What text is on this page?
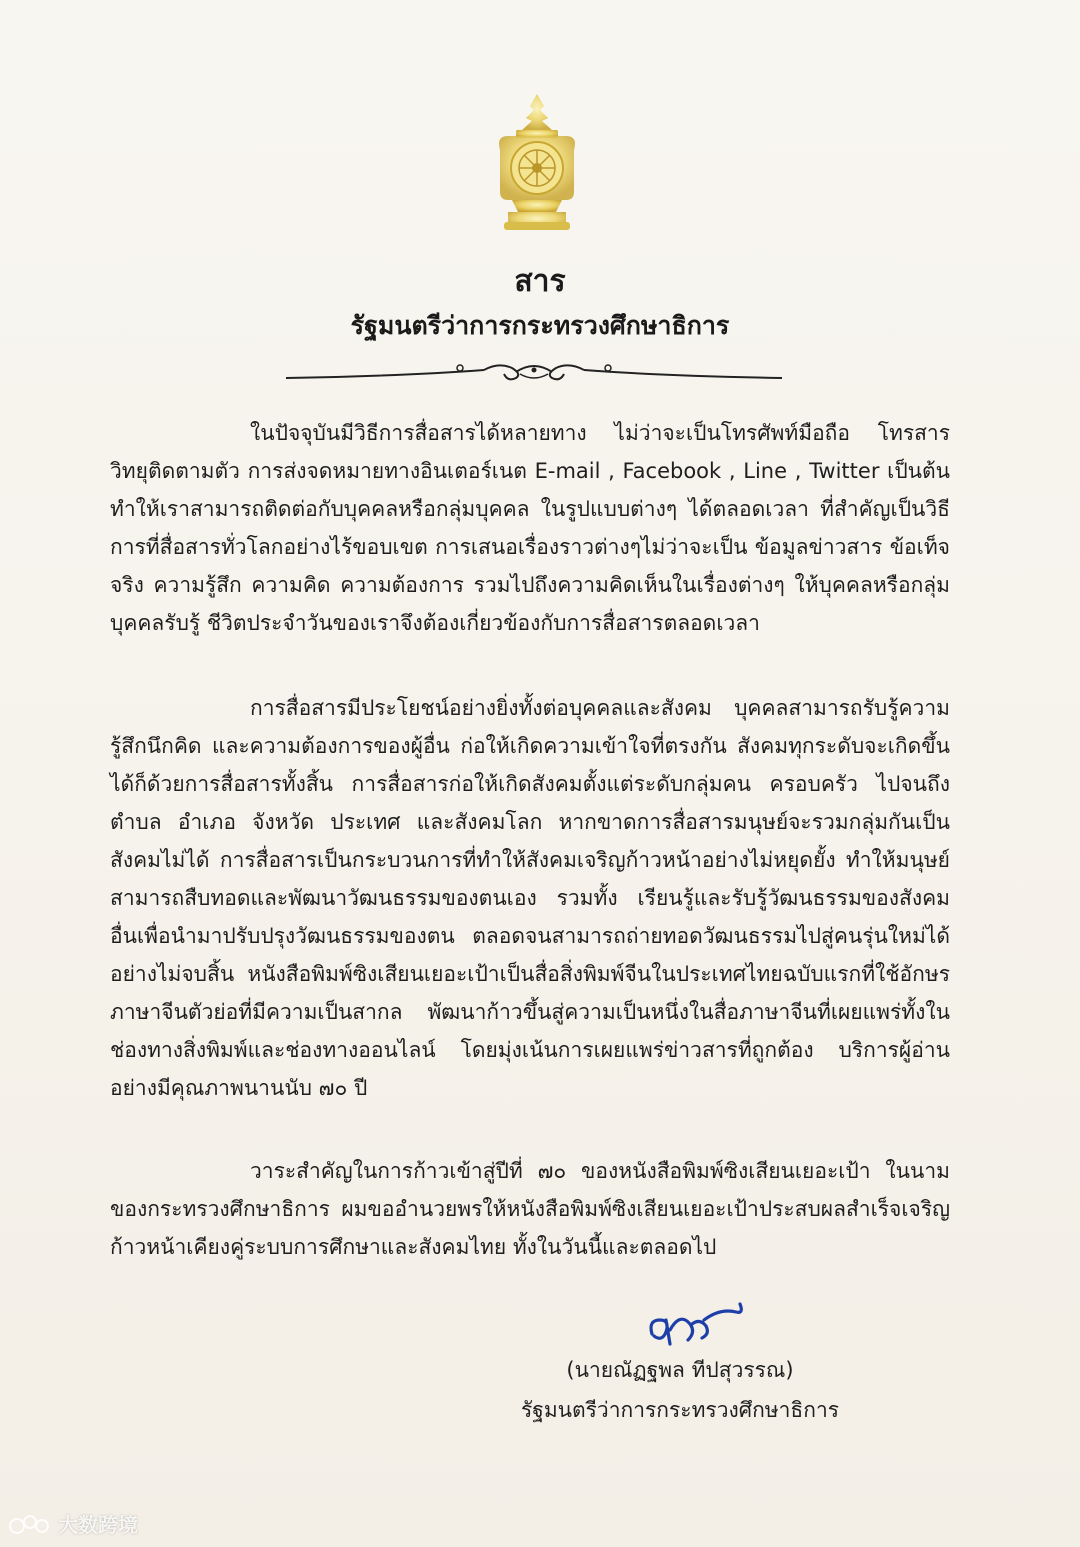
สาร
รัฐมนตรีว่าการกระทรวงศึกษาธิการ
ในปัจจุบันมีวิธีการสื่อสารได้หลายทาง ไม่ว่าจะเป็นโทรศัพท์มือถือ โทรสาร วิทยุติดตามตัว การส่งจดหมายทางอินเตอร์เนต E-mail , Facebook , Line , Twitter เป็นต้น ทำให้เราสามารถติดต่อกับบุคคลหรือกลุ่มบุคคล ในรูปแบบต่างๆ ได้ตลอดเวลา ที่สำคัญเป็นวิธีการที่สื่อสารทั่วโลกอย่างไร้ขอบเขต การเสนอเรื่องราวต่างๆไม่ว่าจะเป็น ข้อมูลข่าวสาร ข้อเท็จจริง ความรู้สึก ความคิด ความต้องการ รวมไปถึงความคิดเห็นในเรื่องต่างๆ ให้บุคคลหรือกลุ่มบุคคลรับรู้ ชีวิตประจำวันของเราจึงต้องเกี่ยวข้องกับการสื่อสารตลอดเวลา
การสื่อสารมีประโยชน์อย่างยิ่งทั้งต่อบุคคลและสังคม บุคคลสามารถรับรู้ความรู้สึกนึกคิด และความต้องการของผู้อื่น ก่อให้เกิดความเข้าใจที่ตรงกัน สังคมทุกระดับจะเกิดขึ้นได้ก็ด้วยการสื่อสารทั้งสิ้น การสื่อสารก่อให้เกิดสังคมตั้งแต่ระดับกลุ่มคน ครอบครัว ไปจนถึงตำบล อำเภอ จังหวัด ประเทศ และสังคมโลก หากขาดการสื่อสารมนุษย์จะรวมกลุ่มกันเป็นสังคมไม่ได้ การสื่อสารเป็นกระบวนการที่ทำให้สังคมเจริญก้าวหน้าอย่างไม่หยุดยั้ง ทำให้มนุษย์สามารถสืบทอดและพัฒนาวัฒนธรรมของตนเอง รวมทั้ง เรียนรู้และรับรู้วัฒนธรรมของสังคมอื่นเพื่อนำมาปรับปรุงวัฒนธรรมของตน ตลอดจนสามารถถ่ายทอดวัฒนธรรมไปสู่คนรุ่นใหม่ได้อย่างไม่จบสิ้น หนังสือพิมพ์ซิงเสียนเยอะเป้าเป็นสื่อสิ่งพิมพ์จีนในประเทศไทยฉบับแรกที่ใช้อักษรภาษาจีนตัวย่อที่มีความเป็นสากล พัฒนาก้าวขึ้นสู่ความเป็นหนึ่งในสื่อภาษาจีนที่เผยแพร่ทั้งในช่องทางสิ่งพิมพ์และช่องทางออนไลน์ โดยมุ่งเน้นการเผยแพร่ข่าวสารที่ถูกต้อง บริการผู้อ่านอย่างมีคุณภาพนานนับ ๗๐ ปี
วาระสำคัญในการก้าวเข้าสู่ปีที่ ๗๐ ของหนังสือพิมพ์ซิงเสียนเยอะเป้า ในนามของกระทรวงศึกษาธิการ ผมขออำนวยพรให้หนังสือพิมพ์ซิงเสียนเยอะเป้าประสบผลสำเร็จเจริญก้าวหน้าเคียงคู่ระบบการศึกษาและสังคมไทย ทั้งในวันนี้และตลอดไป
(นายณัฏฐพล ทีปสุวรรณ)
รัฐมนตรีว่าการกระทรวงศึกษาธิการ
大数跨境
